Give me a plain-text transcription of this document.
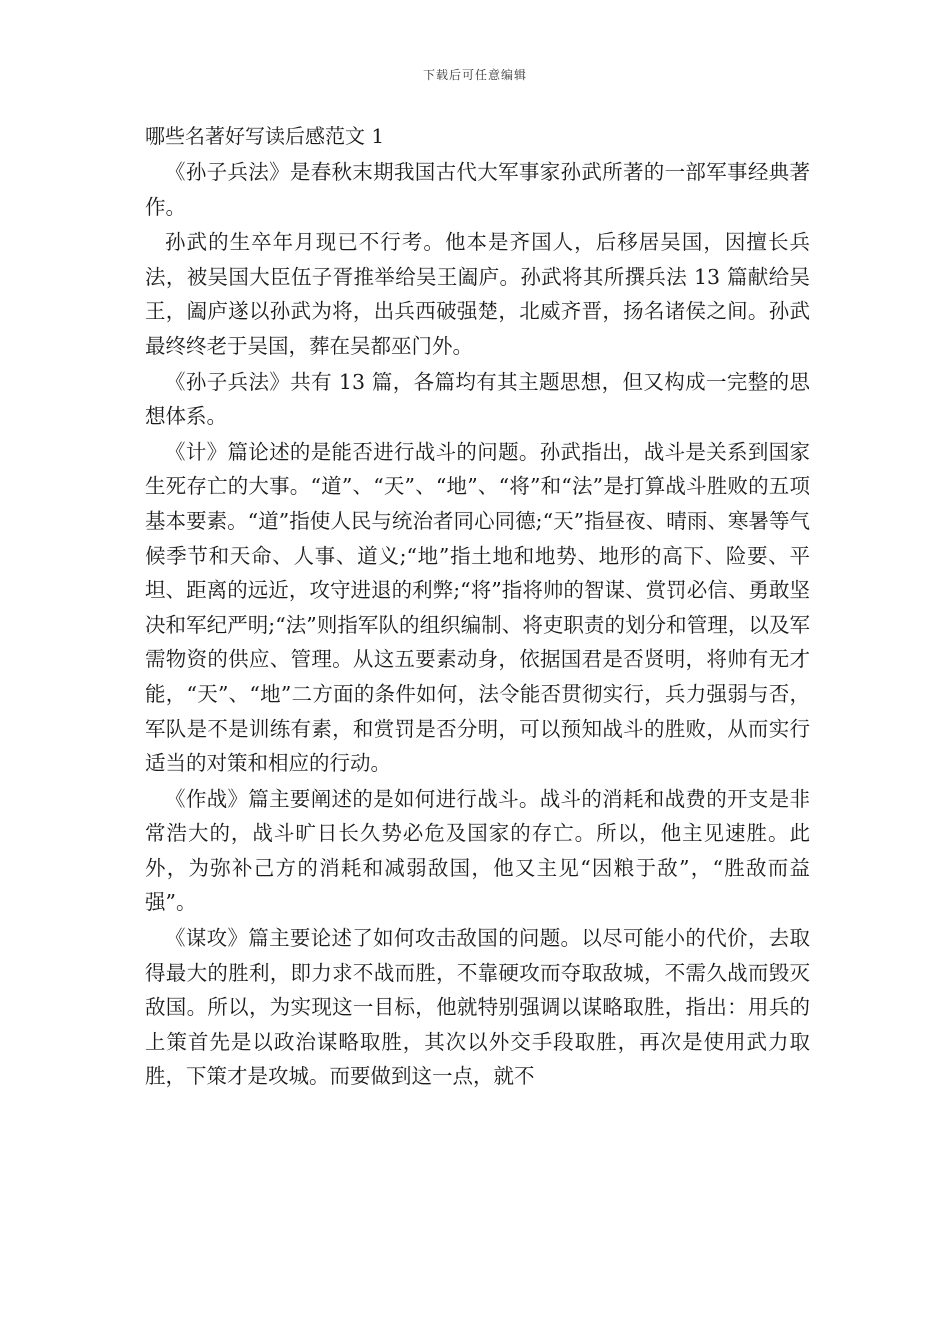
下载后可任意编辑
哪些名著好写读后感范文 1

《孙子兵法》是春秋末期我国古代大军事家孙武所著的一部军事经典著作。

孙武的生卒年月现已不行考。他本是齐国人，后移居吴国，因擅长兵法，被吴国大臣伍子胥推举给吴王阖庐。孙武将其所撰兵法 13 篇献给吴王，阖庐遂以孙武为将，出兵西破强楚，北威齐晋，扬名诸侯之间。孙武最终终老于吴国，葬在吴都巫门外。

《孙子兵法》共有 13 篇，各篇均有其主题思想，但又构成一完整的思想体系。

《计》篇论述的是能否进行战斗的问题。孙武指出，战斗是关系到国家生死存亡的大事。“道”、“天”、“地”、“将”和“法”是打算战斗胜败的五项基本要素。“道”指使人民与统治者同心同德;“天”指昼夜、晴雨、寒暑等气候季节和天命、人事、道义;“地”指土地和地势、地形的高下、险要、平坦、距离的远近，攻守进退的利弊;“将”指将帅的智谋、赏罚必信、勇敢坚决和军纪严明;“法”则指军队的组织编制、将吏职责的划分和管理，以及军需物资的供应、管理。从这五要素动身，依据国君是否贤明，将帅有无才能，“天”、“地”二方面的条件如何，法令能否贯彻实行，兵力强弱与否，军队是不是训练有素，和赏罚是否分明，可以预知战斗的胜败，从而实行适当的对策和相应的行动。

《作战》篇主要阐述的是如何进行战斗。战斗的消耗和战费的开支是非常浩大的，战斗旷日长久势必危及国家的存亡。所以，他主见速胜。此外，为弥补己方的消耗和减弱敌国，他又主见“因粮于敌”，“胜敌而益强”。

《谋攻》篇主要论述了如何攻击敌国的问题。以尽可能小的代价，去取得最大的胜利，即力求不战而胜，不靠硬攻而夺取敌城，不需久战而毁灭敌国。所以，为实现这一目标，他就特别强调以谋略取胜，指出：用兵的上策首先是以政治谋略取胜，其次以外交手段取胜，再次是使用武力取胜，下策才是攻城。而要做到这一点，就不
